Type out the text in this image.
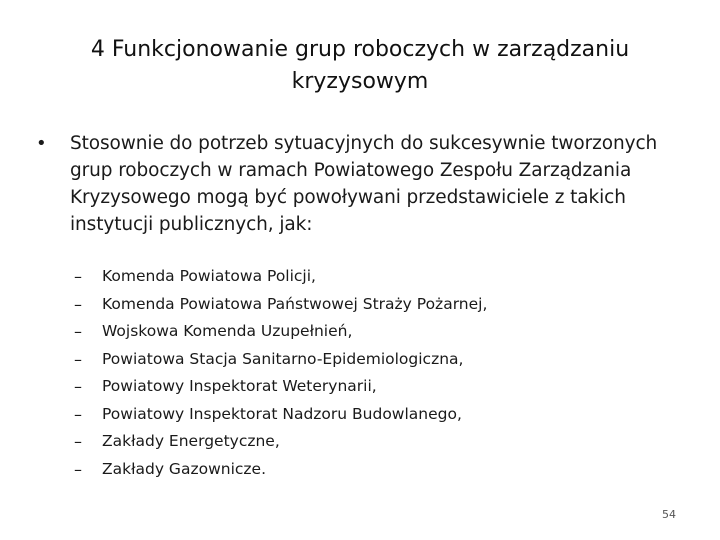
4 Funkcjonowanie grup roboczych w zarządzaniu kryzysowym
•	Stosownie do potrzeb sytuacyjnych do sukcesywnie tworzonych grup roboczych w ramach Powiatowego Zespołu Zarządzania Kryzysowego mogą być powoływani przedstawiciele z takich instytucji publicznych, jak:
–	Komenda Powiatowa Policji,
–	Komenda Powiatowa Państwowej Straży Pożarnej,
–	Wojskowa Komenda Uzupełnień,
–	Powiatowa Stacja Sanitarno-Epidemiologiczna,
–	Powiatowy Inspektorat Weterynarii,
–	Powiatowy Inspektorat Nadzoru Budowlanego,
–	Zakłady Energetyczne,
–	Zakłady Gazownicze.
54
